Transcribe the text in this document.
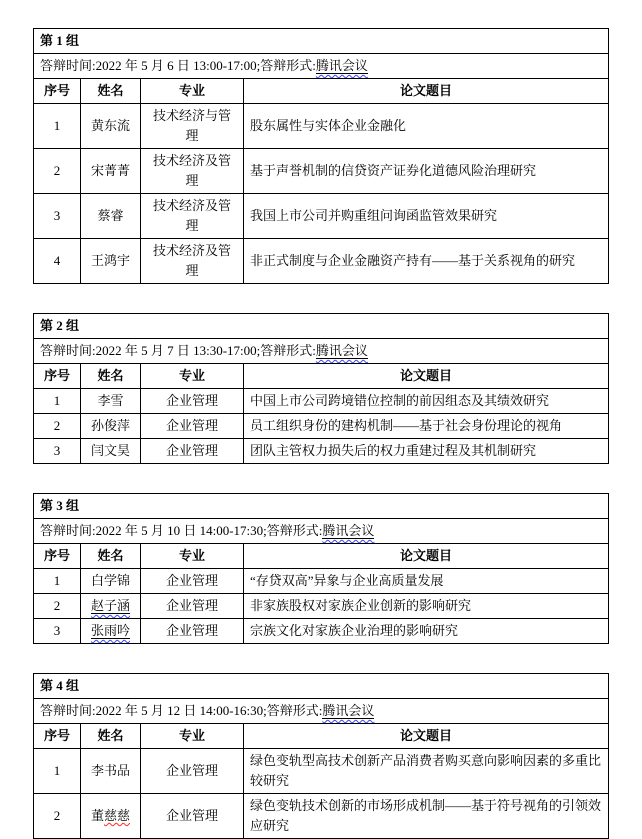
第 1 组			
答辩时间:2022 年 5 月 6 日 13:00-17:00;答辩形式:腾讯会议			
序号	姓名	专业	论文题目
1	黄东流	技术经济与管理	股东属性与实体企业金融化
2	宋菁菁	技术经济及管理	基于声誉机制的信贷资产证券化道德风险治理研究
3	蔡睿	技术经济及管理	我国上市公司并购重组问询函监管效果研究
4	王鸿宇	技术经济及管理	非正式制度与企业金融资产持有——基于关系视角的研究
第 2 组			
答辩时间:2022 年 5 月 7 日 13:30-17:00;答辩形式:腾讯会议			
序号	姓名	专业	论文题目
1	李雪	企业管理	中国上市公司跨境错位控制的前因组态及其绩效研究
2	孙俊萍	企业管理	员工组织身份的建构机制——基于社会身份理论的视角
3	闫文昊	企业管理	团队主管权力损失后的权力重建过程及其机制研究
第 3 组			
答辩时间:2022 年 5 月 10 日 14:00-17:30;答辩形式:腾讯会议			
序号	姓名	专业	论文题目
1	白学锦	企业管理	“存贷双高”异象与企业高质量发展
2	赵子涵	企业管理	非家族股权对家族企业创新的影响研究
3	张雨吟	企业管理	宗族文化对家族企业治理的影响研究
第 4 组			
答辩时间:2022 年 5 月 12 日 14:00-16:30;答辩形式:腾讯会议			
序号	姓名	专业	论文题目
1	李书品	企业管理	绿色变轨型高技术创新产品消费者购买意向影响因素的多重比较研究
2	董慈慈	企业管理	绿色变轨技术创新的市场形成机制——基于符号视角的引领效应研究
